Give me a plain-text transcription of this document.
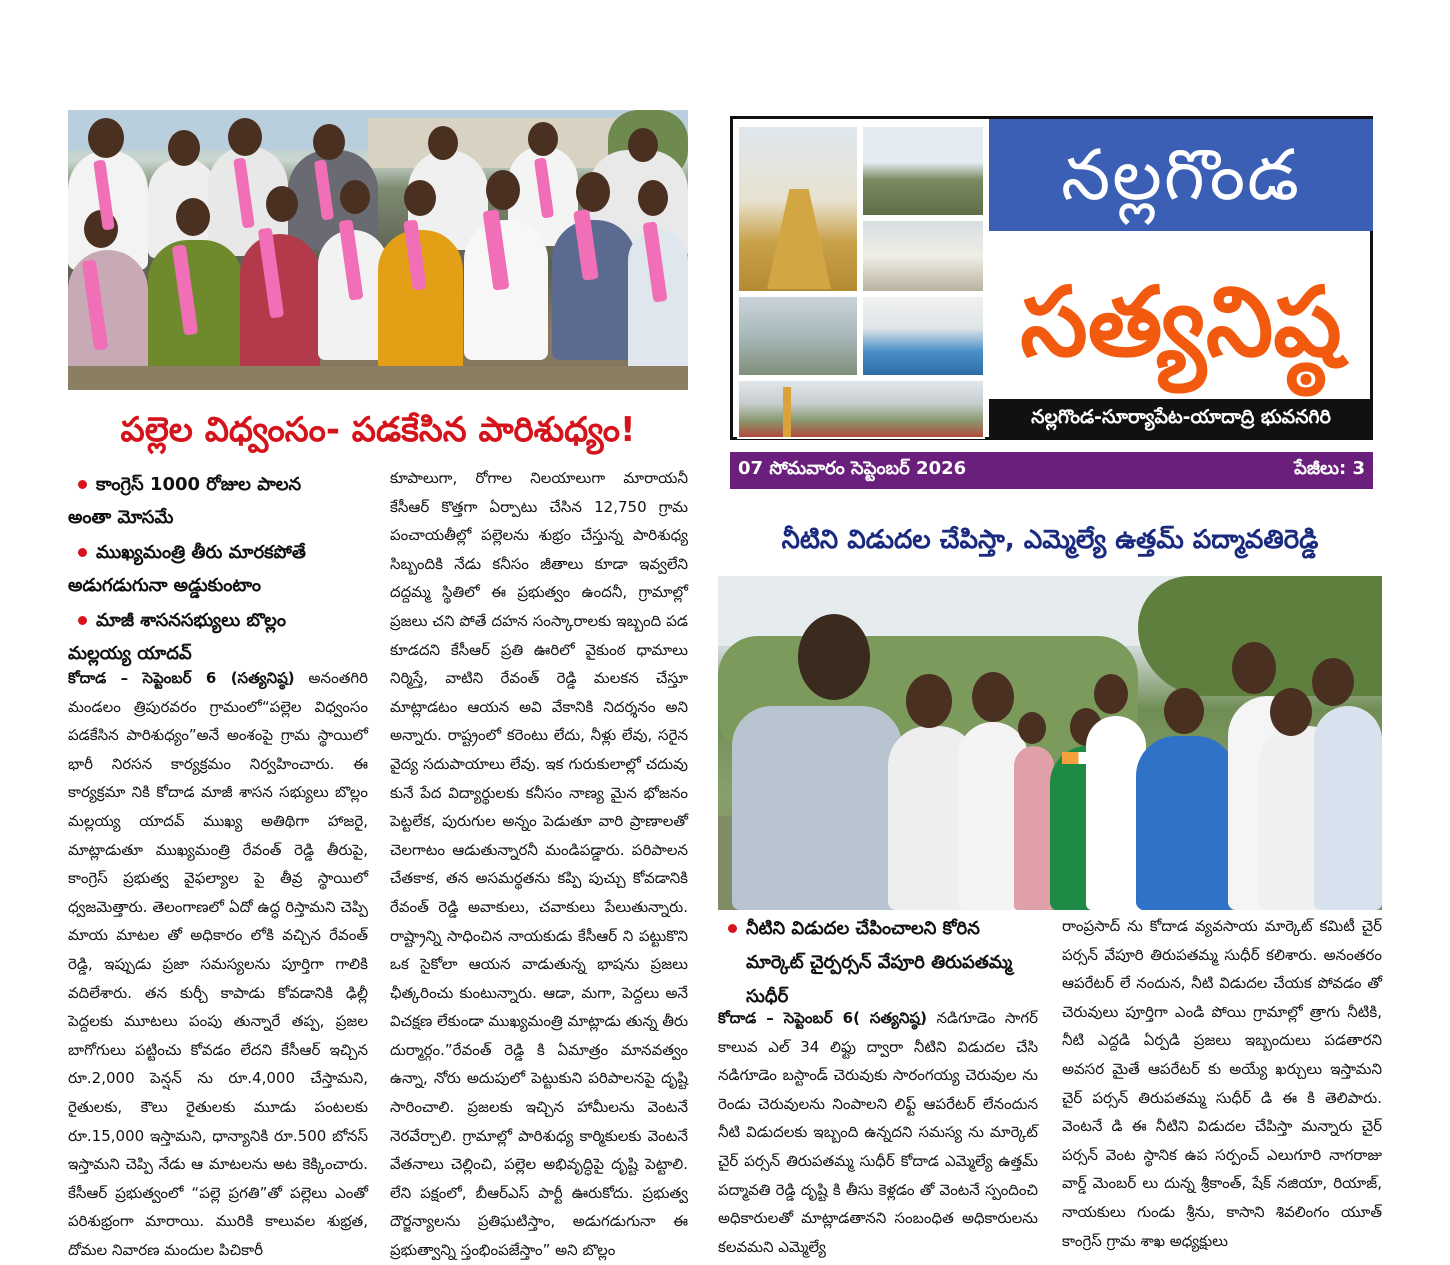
నల్లగొండ
సత్యనిష్ఠ
నల్లగొండ-సూర్యాపేట-యాదాద్రి భువనగిరి
07 సోమవారం సెప్టెంబర్ 2026	పేజీలు: 3
పల్లెల విధ్వంసం- పడకేసిన పారిశుధ్యం!
కాంగ్రెస్ 1000 రోజుల పాలన
అంతా మోసమే
ముఖ్యమంత్రి తీరు మారకపోతే
అడుగడుగునా అడ్డుకుంటాం
మాజీ శాసనసభ్యులు బొల్లం
మల్లయ్య యాదవ్
కోదాడ – సెప్టెంబర్ 6 (సత్యనిష్ఠ) అనంతగిరి మండలం త్రిపురవరం గ్రామంలో“పల్లెల విధ్వంసం పడకేసిన పారిశుధ్యం”అనే అంశంపై గ్రామ స్థాయిలో భారీ నిరసన కార్యక్రమం నిర్వహించారు. ఈ కార్యక్రమా నికి కోదాడ మాజీ శాసన సభ్యులు బొల్లం మల్లయ్య యాదవ్ ముఖ్య అతిథిగా హాజరై, మాట్లాడుతూ ముఖ్యమంత్రి రేవంత్ రెడ్డి తీరుపై, కాంగ్రెస్ ప్రభుత్వ వైఫల్యాల పై తీవ్ర స్థాయిలో ధ్వజమెత్తారు. తెలంగాణలో ఏదో ఉద్ధ రిస్తామని చెప్పి మాయ మాటల తో అధికారం లోకి వచ్చిన రేవంత్ రెడ్డి, ఇప్పుడు ప్రజా సమస్యలను పూర్తిగా గాలికి వదిలేశారు. తన కుర్చీ కాపాడు కోవడానికి ఢిల్లీ పెద్దలకు మూటలు పంపు తున్నారే తప్ప, ప్రజల బాగోగులు పట్టించు కోవడం లేదని కేసీఆర్ ఇచ్చిన రూ.2,000 పెన్షన్ ను రూ.4,000 చేస్తామని, రైతులకు, కౌలు రైతులకు మూడు పంటలకు రూ.15,000 ఇస్తామని, ధాన్యానికి రూ.500 బోనస్ ఇస్తామని చెప్పి నేడు ఆ మాటలను అట కెక్కించారు. కేసీఆర్ ప్రభుత్వంలో “పల్లె ప్రగతి”తో పల్లెలు ఎంతో పరిశుభ్రంగా మారాయి. మురికి కాలువల శుభ్రత, దోమల నివారణ మందుల పిచికారీ
కూపాలుగా, రోగాల నిలయాలుగా మారాయనీ కేసీఆర్ కొత్తగా ఏర్పాటు చేసిన 12,750 గ్రామ పంచాయతీల్లో పల్లెలను శుభ్రం చేస్తున్న పారిశుధ్య సిబ్బందికి నేడు కనీసం జీతాలు కూడా ఇవ్వలేని దద్దమ్మ స్థితిలో ఈ ప్రభుత్వం ఉందనీ, గ్రామాల్లో ప్రజలు చని పోతే దహన సంస్కారాలకు ఇబ్బంది పడ కూడదని కేసీఆర్ ప్రతి ఊరిలో వైకుంఠ ధామాలు నిర్మిస్తే, వాటిని రేవంత్ రెడ్డి మలకన చేస్తూ మాట్లాడటం ఆయన అవి వేకానికి నిదర్శనం అని అన్నారు. రాష్ట్రంలో కరెంటు లేదు, నీళ్లు లేవు, సరైన వైద్య సదుపాయాలు లేవు. ఇక గురుకులాల్లో చదువు కునే పేద విద్యార్థులకు కనీసం నాణ్య మైన భోజనం పెట్టలేక, పురుగుల అన్నం పెడుతూ వారి ప్రాణాలతో చెలగాటం ఆడుతున్నారనీ మండిపడ్డారు. పరిపాలన చేతకాక, తన అసమర్థతను కప్పి పుచ్చు కోవడానికి రేవంత్ రెడ్డి అవాకులు, చవాకులు పేలుతున్నారు. రాష్ట్రాన్ని సాధించిన నాయకుడు కేసీఆర్ ని పట్టుకొని ఒక సైకోలా ఆయన వాడుతున్న భాషను ప్రజలు ఛీత్కరించు కుంటున్నారు. ఆడా, మగా, పెద్దలు అనే విచక్షణ లేకుండా ముఖ్యమంత్రి మాట్లాడు తున్న తీరు దుర్మార్గం.”రేవంత్ రెడ్డి కి ఏమాత్రం మానవత్వం ఉన్నా, నోరు అదుపులో పెట్టుకుని పరిపాలనపై దృష్టి సారించాలి. ప్రజలకు ఇచ్చిన హామీలను వెంటనే నెరవేర్చాలి. గ్రామాల్లో పారిశుధ్య కార్మికులకు వెంటనే వేతనాలు చెల్లించి, పల్లెల అభివృద్ధిపై దృష్టి పెట్టాలి. లేని పక్షంలో, బీఆర్ఎస్ పార్టీ ఊరుకోదు. ప్రభుత్వ దౌర్జన్యాలను ప్రతిఘటిస్తాం, అడుగడుగునా ఈ ప్రభుత్వాన్ని స్తంభింపజేస్తాం” అని బొల్లం
నీటిని విడుదల చేపిస్తా, ఎమ్మెల్యే ఉత్తమ్ పద్మావతిరెడ్డి
నీటిని విడుదల చేపించాలని కోరిన
మార్కెట్ చైర్పర్సన్ వేపూరి తిరుపతమ్మ
సుధీర్
కోదాడ – సెప్టెంబర్ 6( సత్యనిష్ఠ) నడిగూడెం సాగర్ కాలువ ఎల్ 34 లిఫ్టు ద్వారా నీటిని విడుదల చేసి నడిగూడెం బస్టాండ్ చెరువుకు సారంగయ్య చెరువుల ను రెండు చెరువులను నింపాలని లిఫ్ట్ ఆపరేటర్ లేనందున నీటి విడుదలకు ఇబ్బంది ఉన్నదని సమస్య ను మార్కెట్ చైర్ పర్సన్ తిరుపతమ్మ సుధీర్ కోదాడ ఎమ్మెల్యే ఉత్తమ్ పద్మావతి రెడ్డి దృష్టి కి తీసు కెళ్లడం తో వెంటనే స్పందించి అధికారులతో మాట్లాడతానని సంబంధిత అధికారులను కలవమని ఎమ్మెల్యే
రాంప్రసాద్ ను కోదాడ వ్యవసాయ మార్కెట్ కమిటీ చైర్ పర్సన్ వేపూరి తిరుపతమ్మ సుధీర్ కలిశారు. అనంతరం ఆపరేటర్ లే నందున, నీటి విడుదల చేయక పోవడం తో చెరువులు పూర్తిగా ఎండి పోయి గ్రామాల్లో త్రాగు నీటికి, నీటి ఎద్దడి ఏర్పడి ప్రజలు ఇబ్బందులు పడతారని అవసర మైతే ఆపరేటర్ కు అయ్యే ఖర్చులు ఇస్తామని చైర్ పర్సన్ తిరుపతమ్మ సుధీర్ డి ఈ కి తెలిపారు. వెంటనే డి ఈ నీటిని విడుదల చేపిస్తా మన్నారు చైర్ పర్సన్ వెంట స్థానిక ఉప సర్పంచ్ ఎలుగూరి నాగరాజు వార్డ్ మెంబర్ లు దున్న శ్రీకాంత్, షేక్ నజియా, రియాజ్, నాయకులు గుండు శ్రీను, కాసాని శివలింగం యూత్ కాంగ్రెస్ గ్రామ శాఖ అధ్యక్షులు
